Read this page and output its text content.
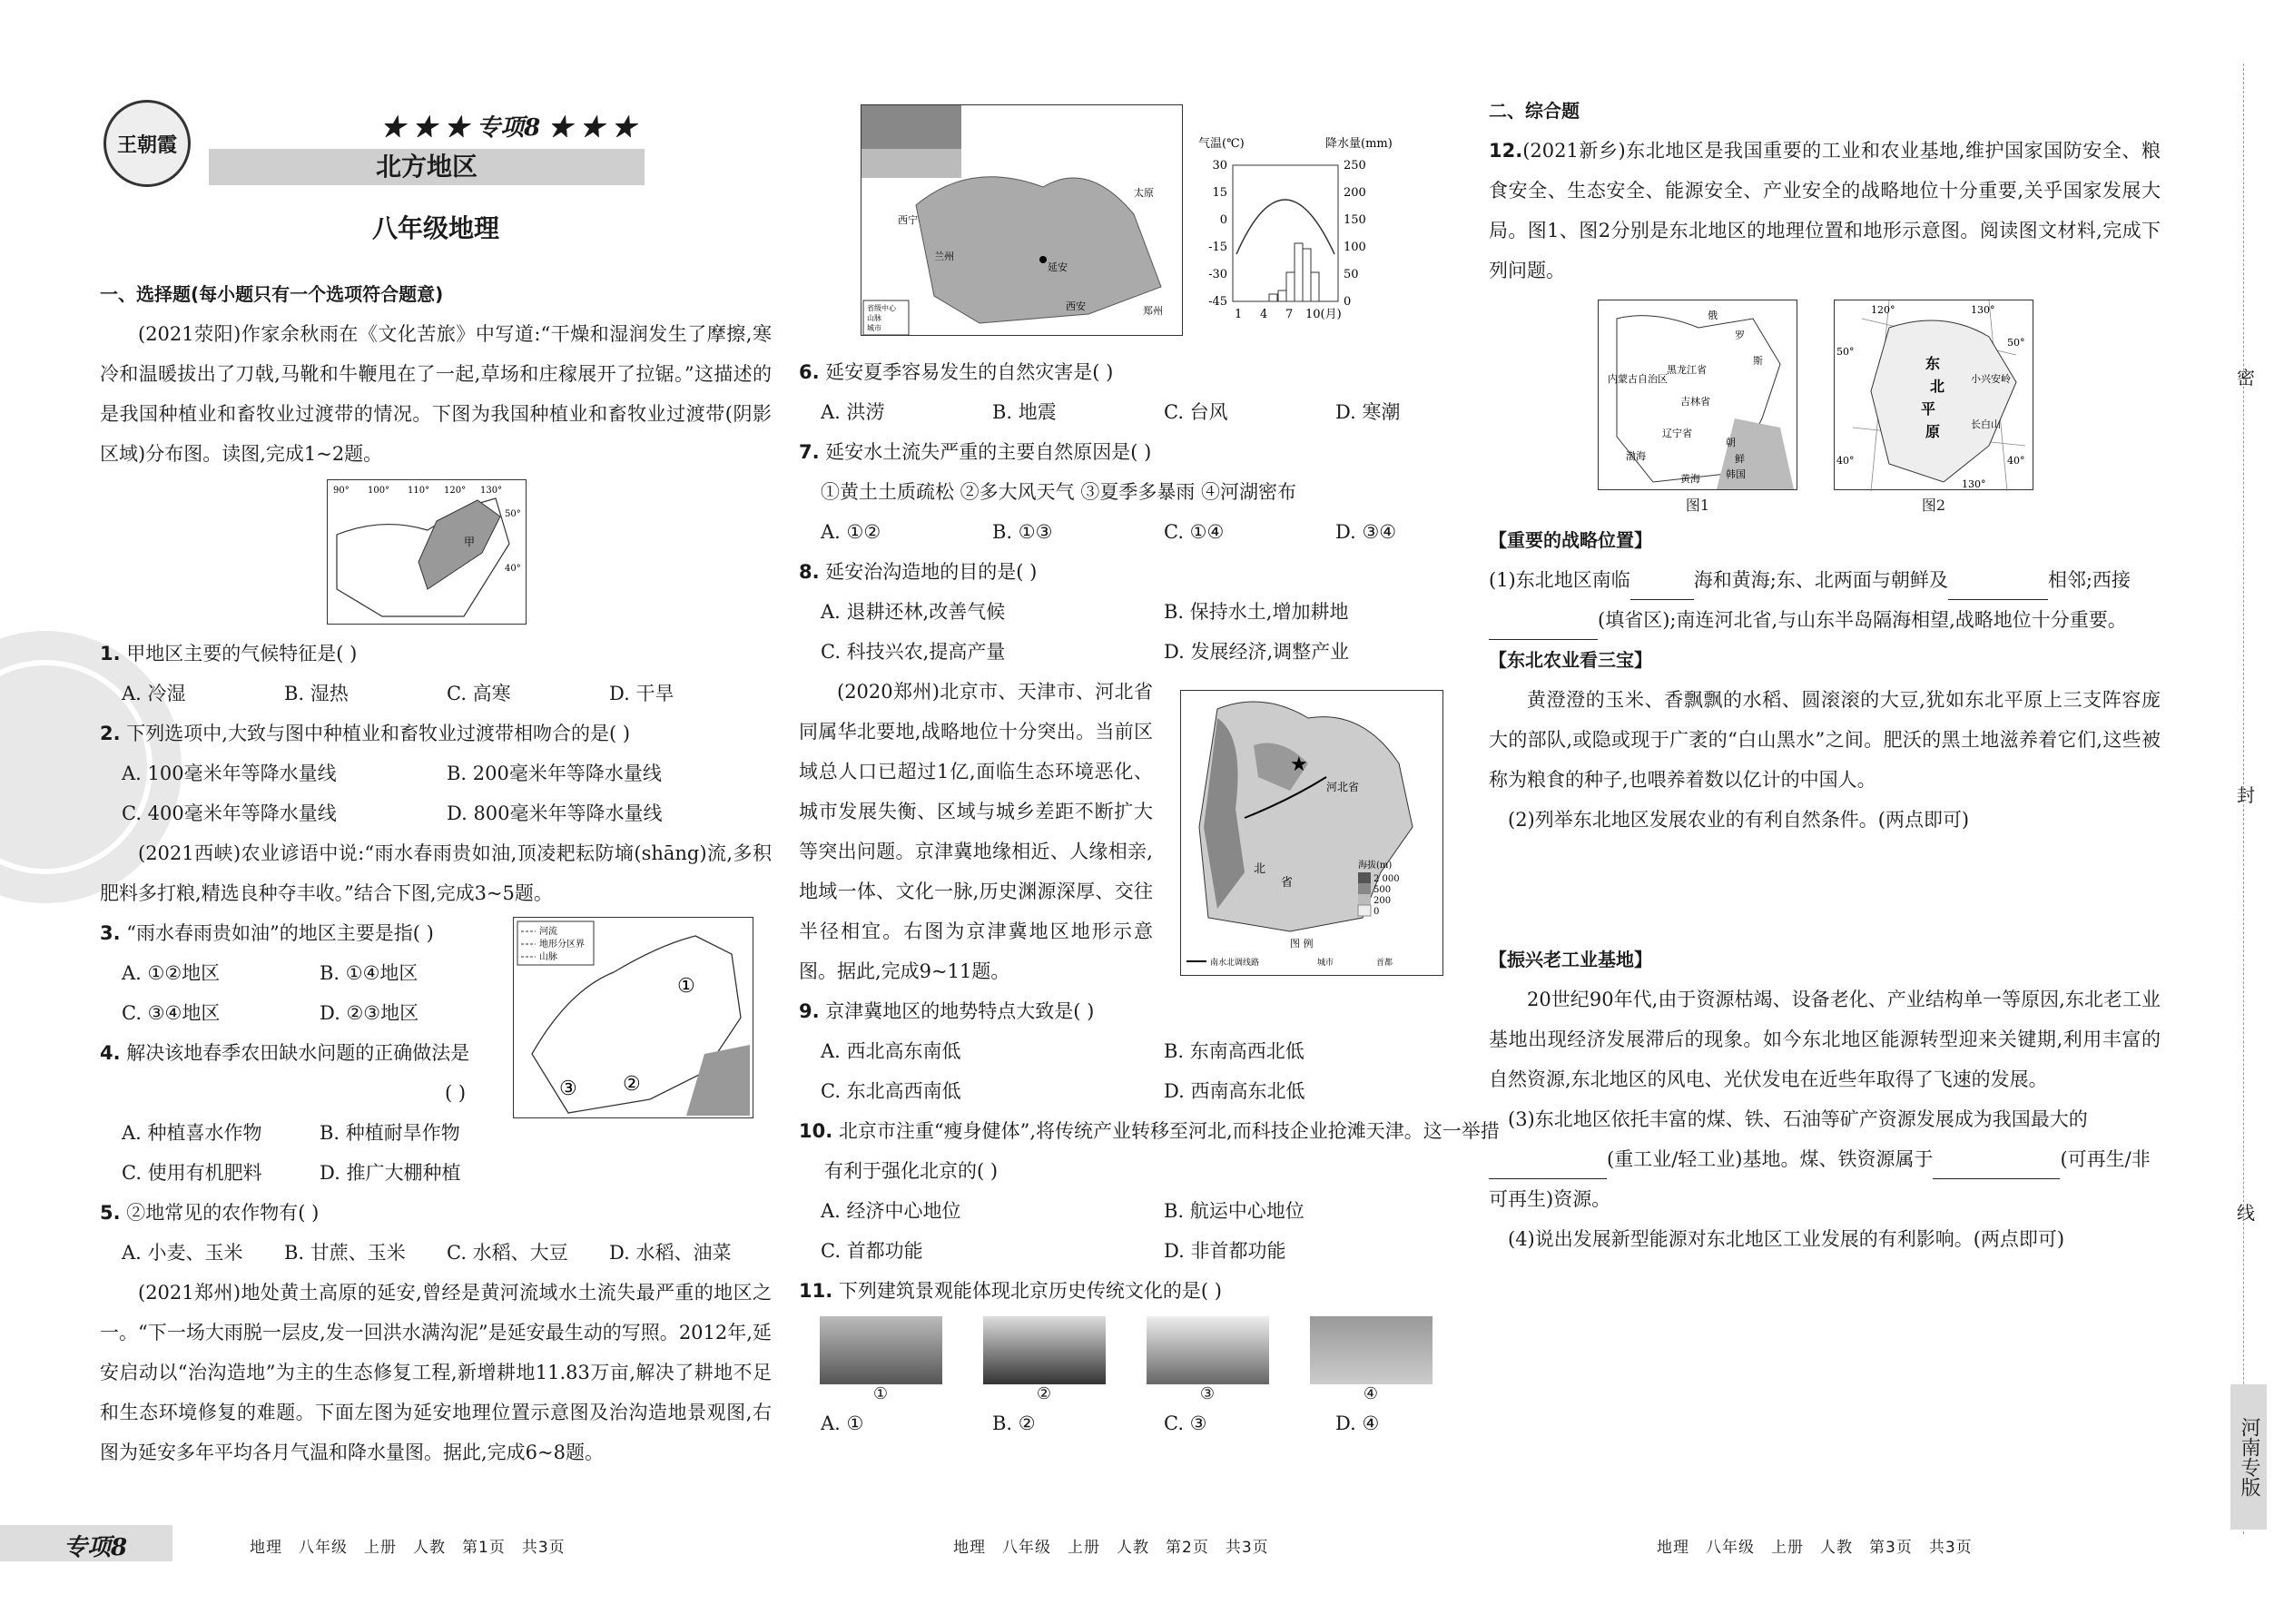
王朝霞
★ ★ ★ 专项8 ★ ★ ★
北方地区
八年级地理
一、选择题(每小题只有一个选项符合题意)

(2021荥阳)作家余秋雨在《文化苦旅》中写道:“干燥和湿润发生了摩擦,寒冷和温暖拔出了刀戟,马靴和牛鞭甩在了一起,草场和庄稼展开了拉锯。”这描述的是我国种植业和畜牧业过渡带的情况。下图为我国种植业和畜牧业过渡带(阴影区域)分布图。读图,完成1~2题。

90° 100° 110° 120° 130°
50°
40°
甲
1. 甲地区主要的气候特征是( )
A. 冷湿	B. 湿热	C. 高寒	D. 干旱
2. 下列选项中,大致与图中种植业和畜牧业过渡带相吻合的是( )
A. 100毫米年等降水量线	B. 200毫米年等降水量线
C. 400毫米年等降水量线	D. 800毫米年等降水量线

(2021西峡)农业谚语中说:“雨水春雨贵如油,顶凌耙耘防墒(shāng)流,多积肥料多打粮,精选良种夺丰收。”结合下图,完成3~5题。

河流
地形分区界
山脉
①
②
③
3. “雨水春雨贵如油”的地区主要是指( )
A. ①②地区	B. ①④地区
C. ③④地区	D. ②③地区
4. 解决该地春季农田缺水问题的正确做法是
( )
A. 种植喜水作物	B. 种植耐旱作物
C. 使用有机肥料	D. 推广大棚种植
5. ②地常见的农作物有( )
A. 小麦、玉米	B. 甘蔗、玉米	C. 水稻、大豆	D. 水稻、油菜

(2021郑州)地处黄土高原的延安,曾经是黄河流域水土流失最严重的地区之一。“下一场大雨脱一层皮,发一回洪水满沟泥”是延安最生动的写照。2012年,延安启动以“治沟造地”为主的生态修复工程,新增耕地11.83万亩,解决了耕地不足和生态环境修复的难题。下面左图为延安地理位置示意图及治沟造地景观图,右图为延安多年平均各月气温和降水量图。据此,完成6~8题。

延安
兰州
西宁
西安	郑州
太原
省级中心
山脉
城市
气温(℃)	降水量(mm)
30
15
0
-15
-30
-45
250
200
150
100
50
0
1 4 7 10(月)
6. 延安夏季容易发生的自然灾害是( )
A. 洪涝	B. 地震	C. 台风	D. 寒潮
7. 延安水土流失严重的主要自然原因是( )
①黄土土质疏松 ②多大风天气 ③夏季多暴雨 ④河湖密布
A. ①②	B. ①③	C. ①④	D. ③④
8. 延安治沟造地的目的是( )
A. 退耕还林,改善气候	B. 保持水土,增加耕地
C. 科技兴农,提高产量	D. 发展经济,调整产业

(2020郑州)北京市、天津市、河北省同属华北要地,战略地位十分突出。当前区域总人口已超过1亿,面临生态环境恶化、城市发展失衡、区域与城乡差距不断扩大等突出问题。京津冀地缘相近、人缘相亲,地域一体、文化一脉,历史渊源深厚、交往半径相宜。右图为京津冀地区地形示意图。据此,完成9~11题。

★
河北省
北
省
海拔(m)
2 000
500
200
0
图 例
南水北调线路	城市	首都
9. 京津冀地区的地势特点大致是( )
A. 西北高东南低	B. 东南高西北低
C. 东北高西南低	D. 西南高东北低
10. 北京市注重“瘦身健体”,将传统产业转移至河北,而科技企业抢滩天津。这一举措有利于强化北京的( )
A. 经济中心地位	B. 航运中心地位
C. 首都功能	D. 非首都功能
11. 下列建筑景观能体现北京历史传统文化的是( )
①	②	③	④
A. ①	B. ②	C. ③	D. ④
二、综合题
12.(2021新乡)东北地区是我国重要的工业和农业基地,维护国家国防安全、粮食安全、生态安全、能源安全、产业安全的战略地位十分重要,关乎国家发展大局。图1、图2分别是东北地区的地理位置和地形示意图。阅读图文材料,完成下列问题。
俄
罗
斯
内蒙古自治区
黑龙江省
吉林省
辽宁省
朝
鲜
韩国
渤海
黄海
图1
120°	130°
50°
50°
40°	40°
130°
东
北
平
原
小兴安岭
长白山
图2
【重要的战略位置】
(1)东北地区南临	海和黄海;东、北两面与朝鲜及	相邻;西接(填省区);南连河北省,与山东半岛隔海相望,战略地位十分重要。
【东北农业看三宝】

黄澄澄的玉米、香飘飘的水稻、圆滚滚的大豆,犹如东北平原上三支阵容庞大的部队,或隐或现于广袤的“白山黑水”之间。肥沃的黑土地滋养着它们,这些被称为粮食的种子,也喂养着数以亿计的中国人。

(2)列举东北地区发展农业的有利自然条件。(两点即可)
【振兴老工业基地】

20世纪90年代,由于资源枯竭、设备老化、产业结构单一等原因,东北老工业基地出现经济发展滞后的现象。如今东北地区能源转型迎来关键期,利用丰富的自然资源,东北地区的风电、光伏发电在近些年取得了飞速的发展。

(3)东北地区依托丰富的煤、铁、石油等矿产资源发展成为我国最大的(重工业/轻工业)基地。煤、铁资源属于	(可再生/非可再生)资源。
(4)说出发展新型能源对东北地区工业发展的有利影响。(两点即可)
密
封
线
河南专版
专项8	地理　八年级　上册　人教　第1页　共3页	地理　八年级　上册　人教　第2页　共3页	地理　八年级　上册　人教　第3页　共3页
